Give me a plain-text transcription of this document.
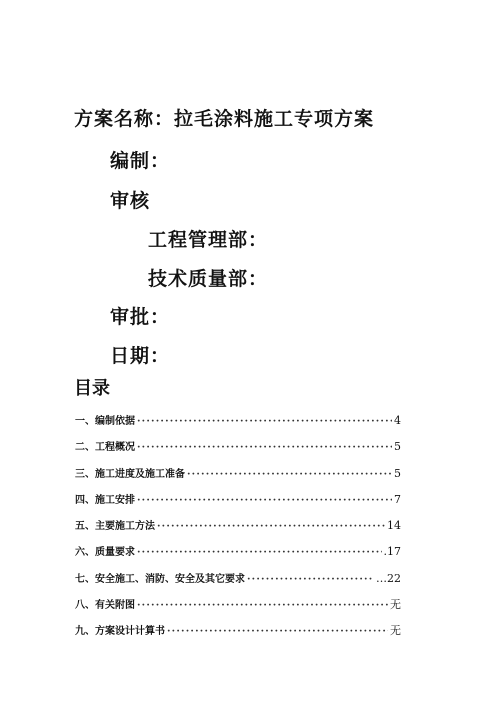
方案名称：拉毛涂料施工专项方案
编制：
审核
工程管理部：
技术质量部：
审批：
日期：
目录
一、编制依据 ·····	4
二、工程概况 ·····	5
三、施工进度及施工准备 ·····	5
四、施工安排 ·····	7
五、主要施工方法 ·····	14
六、质量要求 ·····	.17
七、安全施工、消防、安全及其它要求 ·····	…22
八、有关附图 ·····	无
九、方案设计计算书 ·····	无
